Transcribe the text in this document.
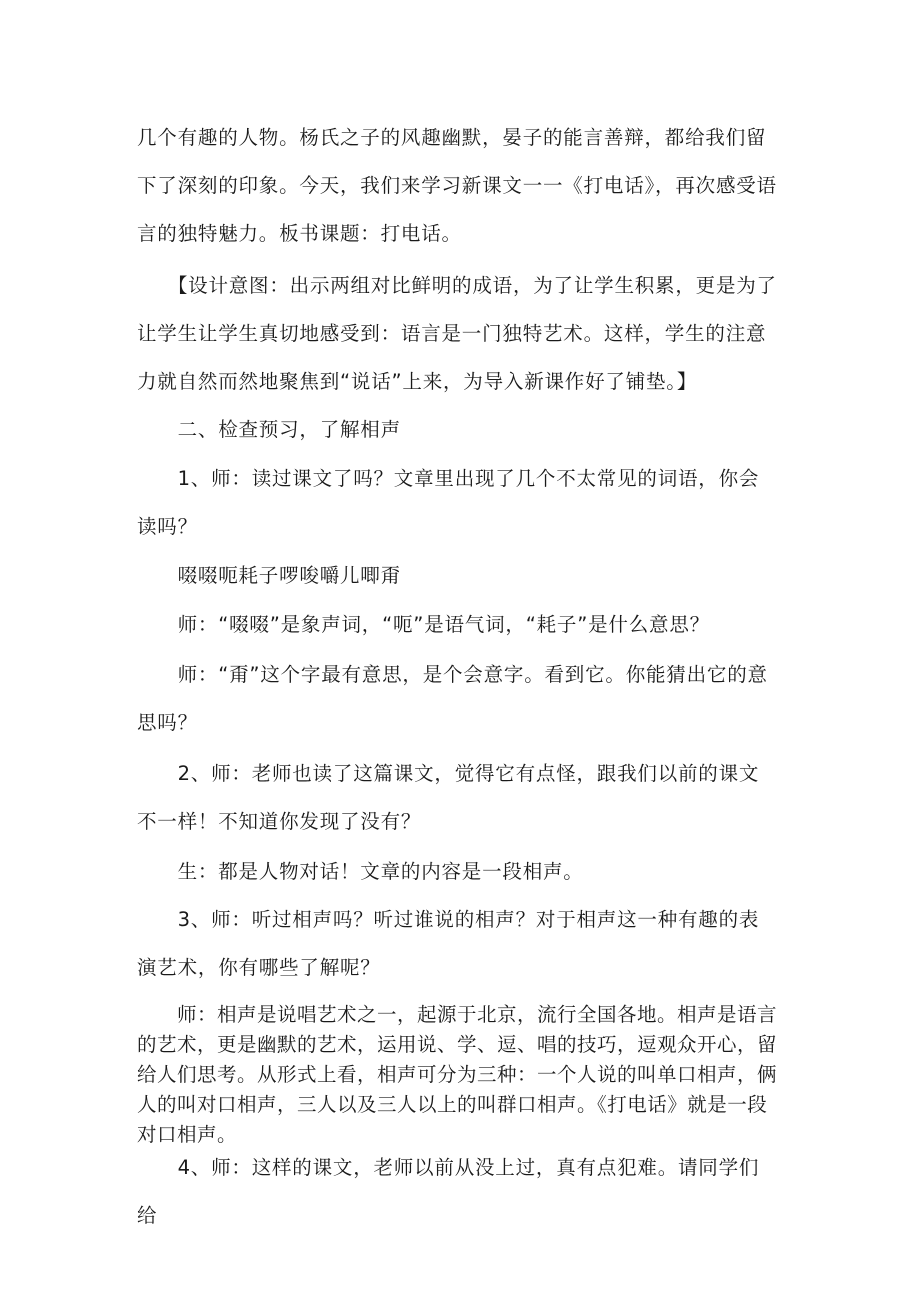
几个有趣的人物。杨氏之子的风趣幽默，晏子的能言善辩，都给我们留下了深刻的印象。今天，我们来学习新课文一一《打电话》，再次感受语言的独特魅力。板书课题：打电话。

　　【设计意图：出示两组对比鲜明的成语，为了让学生积累，更是为了让学生让学生真切地感受到：语言是一门独特艺术。这样，学生的注意力就自然而然地聚焦到“说话”上来，为导入新课作好了铺垫。】

　　二、检查预习，了解相声

　　1、师：读过课文了吗？文章里出现了几个不太常见的词语，你会读吗？

　　啜啜呃耗子啰唆嚼儿唧甭

　　师：“啜啜”是象声词，“呃”是语气词，“耗子”是什么意思？

　　师：“甭”这个字最有意思，是个会意字。看到它。你能猜出它的意思吗？

　　2、师：老师也读了这篇课文，觉得它有点怪，跟我们以前的课文不一样！不知道你发现了没有？

　　生：都是人物对话！文章的内容是一段相声。

　　3、师：听过相声吗？听过谁说的相声？对于相声这一种有趣的表演艺术，你有哪些了解呢？

　　师：相声是说唱艺术之一，起源于北京，流行全国各地。相声是语言的艺术，更是幽默的艺术，运用说、学、逗、唱的技巧，逗观众开心，留给人们思考。从形式上看，相声可分为三种：一个人说的叫单口相声，俩人的叫对口相声，三人以及三人以上的叫群口相声。《打电话》就是一段对口相声。

　　4、师：这样的课文，老师以前从没上过，真有点犯难。请同学们给
